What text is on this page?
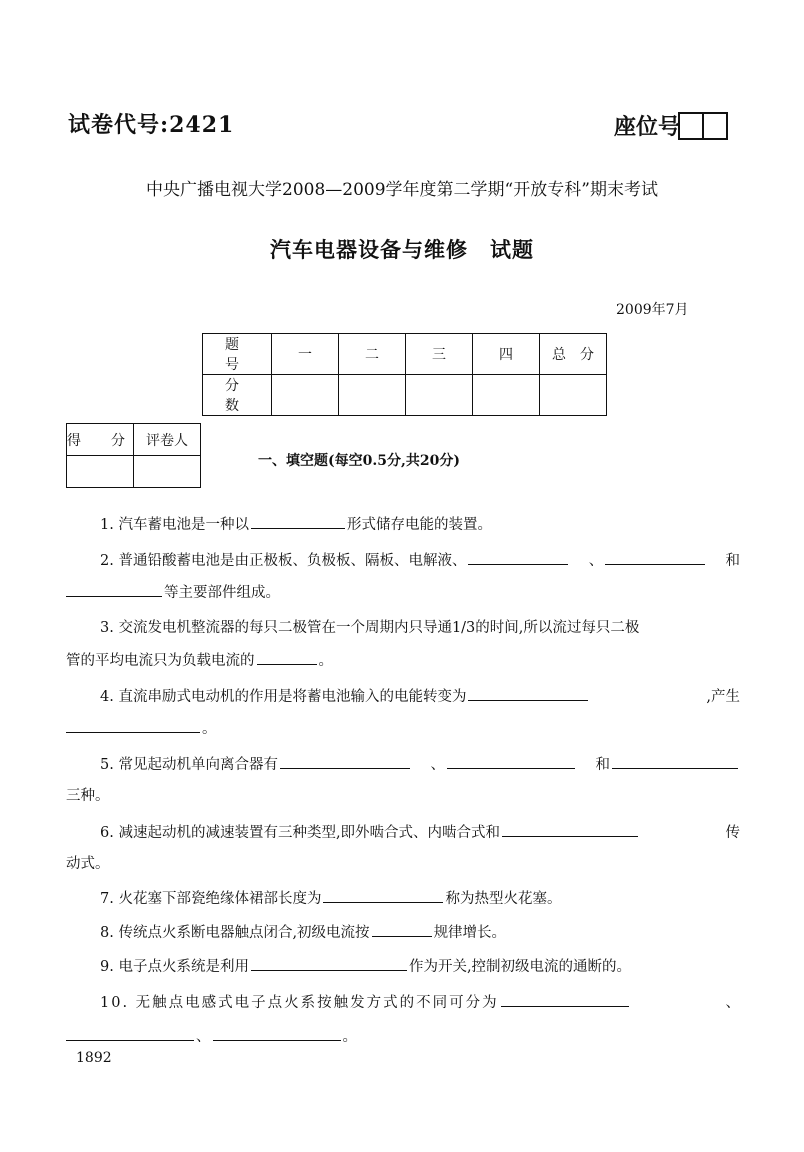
试卷代号:2421	座位号
中央广播电视大学2008—2009学年度第二学期“开放专科”期末考试
汽车电器设备与维修　试题
2009年7月
题　号	一	二	三	四	总　分
分　数					
得　分	评卷人

一、填空题(每空0.5分,共20分)
1. 汽车蓄电池是一种以	形式储存电能的装置。
2. 普通铅酸蓄电池是由正极板、负极板、隔板、电解液、	、	和
等主要部件组成。
3. 交流发电机整流器的每只二极管在一个周期内只导通1/3的时间,所以流过每只二极
管的平均电流只为负载电流的	。
4. 直流串励式电动机的作用是将蓄电池输入的电能转变为	,产生
。
5. 常见起动机单向离合器有	、	和
三种。
6. 减速起动机的减速装置有三种类型,即外啮合式、内啮合式和	传
动式。
7. 火花塞下部瓷绝缘体裙部长度为	称为热型火花塞。
8. 传统点火系断电器触点闭合,初级电流按	规律增长。
9. 电子点火系统是利用	作为开关,控制初级电流的通断的。
10. 无触点电感式电子点火系按触发方式的不同可分为	、
、	。
1892
